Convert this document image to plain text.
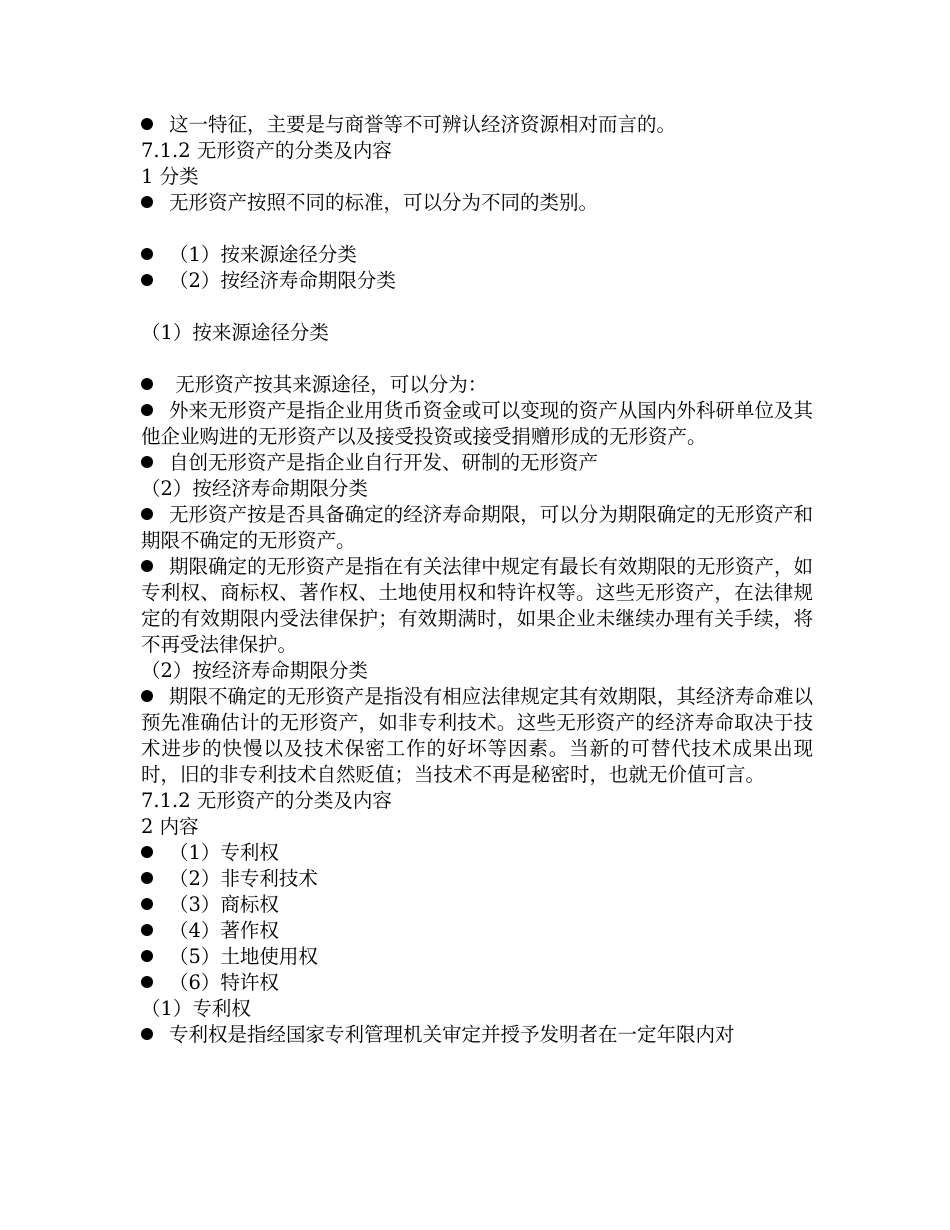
这一特征，主要是与商誉等不可辨认经济资源相对而言的。
7.1.2 无形资产的分类及内容
1 分类
无形资产按照不同的标准，可以分为不同的类别。
（1）按来源途径分类
（2）按经济寿命期限分类
（1）按来源途径分类
无形资产按其来源途径，可以分为：
外来无形资产是指企业用货币资金或可以变现的资产从国内外科研单位及其他企业购进的无形资产以及接受投资或接受捐赠形成的无形资产。
自创无形资产是指企业自行开发、研制的无形资产
（2）按经济寿命期限分类
无形资产按是否具备确定的经济寿命期限，可以分为期限确定的无形资产和期限不确定的无形资产。
期限确定的无形资产是指在有关法律中规定有最长有效期限的无形资产，如专利权、商标权、著作权、土地使用权和特许权等。这些无形资产，在法律规定的有效期限内受法律保护；有效期满时，如果企业未继续办理有关手续，将不再受法律保护。
（2）按经济寿命期限分类
期限不确定的无形资产是指没有相应法律规定其有效期限，其经济寿命难以预先准确估计的无形资产，如非专利技术。这些无形资产的经济寿命取决于技术进步的快慢以及技术保密工作的好坏等因素。当新的可替代技术成果出现时，旧的非专利技术自然贬值；当技术不再是秘密时，也就无价值可言。
7.1.2 无形资产的分类及内容
2 内容
（1）专利权
（2）非专利技术
（3）商标权
（4）著作权
（5）土地使用权
（6）特许权
（1）专利权
专利权是指经国家专利管理机关审定并授予发明者在一定年限内对
